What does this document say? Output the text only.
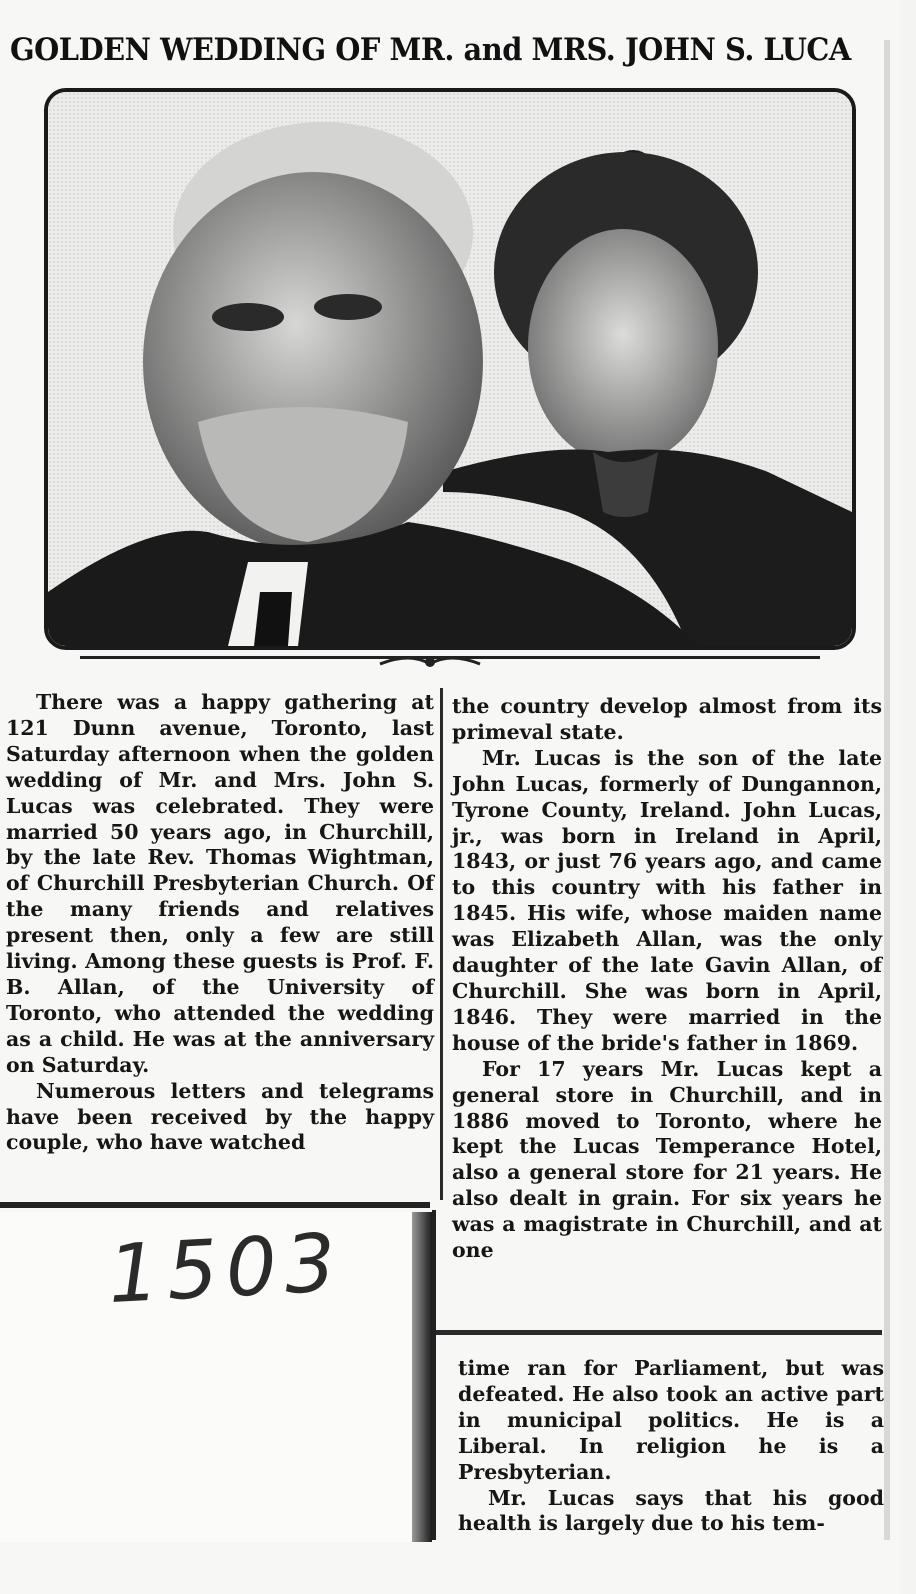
GOLDEN WEDDING OF MR. and MRS. JOHN S. LUCA

There was a happy gathering at 121 Dunn avenue, Toronto, last Saturday afternoon when the golden wedding of Mr. and Mrs. John S. Lucas was celebrated. They were married 50 years ago, in Churchill, by the late Rev. Thomas Wightman, of Churchill Presbyterian Church. Of the many friends and relatives present then, only a few are still living. Among these guests is Prof. F. B. Allan, of the University of Toronto, who attended the wedding as a child. He was at the anniversary on Saturday.

Numerous letters and telegrams have been received by the happy couple, who have watched

the country develop almost from its primeval state.

Mr. Lucas is the son of the late John Lucas, formerly of Dungannon, Tyrone County, Ireland. John Lucas, jr., was born in Ireland in April, 1843, or just 76 years ago, and came to this country with his father in 1845. His wife, whose maiden name was Elizabeth Allan, was the only daughter of the late Gavin Allan, of Churchill. She was born in April, 1846. They were married in the house of the bride's father in 1869.

For 17 years Mr. Lucas kept a general store in Churchill, and in 1886 moved to Toronto, where he kept the Lucas Temperance Hotel, also a general store for 21 years. He also dealt in grain. For six years he was a magistrate in Churchill, and at one

time ran for Parliament, but was defeated. He also took an active part in municipal politics. He is a Liberal. In religion he is a Presbyterian.

Mr. Lucas says that his good health is largely due to his tem-

1503
